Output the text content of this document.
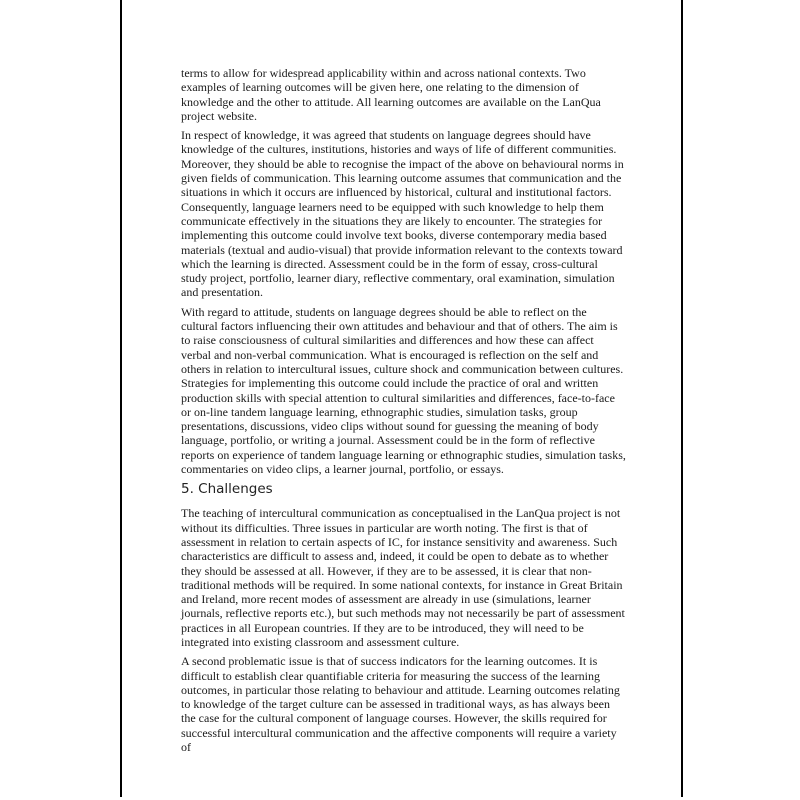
terms to allow for widespread applicability within and across national contexts. Two examples of learning outcomes will be given here, one relating to the dimension of knowledge and the other to attitude. All learning outcomes are available on the LanQua project website.

In respect of knowledge, it was agreed that students on language degrees should have knowledge of the cultures, institutions, histories and ways of life of different communities. Moreover, they should be able to recognise the impact of the above on behavioural norms in given fields of communication. This learning outcome assumes that communication and the situations in which it occurs are influenced by historical, cultural and institutional factors. Consequently, language learners need to be equipped with such knowledge to help them communicate effectively in the situations they are likely to encounter. The strategies for implementing this outcome could involve text books, diverse contemporary media based materials (textual and audio-visual) that provide information relevant to the contexts toward which the learning is directed. Assessment could be in the form of essay, cross-cultural study project, portfolio, learner diary, reflective commentary, oral examination, simulation and presentation.

With regard to attitude, students on language degrees should be able to reflect on the cultural factors influencing their own attitudes and behaviour and that of others. The aim is to raise consciousness of cultural similarities and differences and how these can affect verbal and non-verbal communication. What is encouraged is reflection on the self and others in relation to intercultural issues, culture shock and communication between cultures. Strategies for implementing this outcome could include the practice of oral and written production skills with special attention to cultural similarities and differences, face-to-face or on-line tandem language learning, ethnographic studies, simulation tasks, group presentations, discussions, video clips without sound for guessing the meaning of body language, portfolio, or writing a journal. Assessment could be in the form of reflective reports on experience of tandem language learning or ethnographic studies, simulation tasks, commentaries on video clips, a learner journal, portfolio, or essays.

5. Challenges

The teaching of intercultural communication as conceptualised in the LanQua project is not without its difficulties. Three issues in particular are worth noting. The first is that of assessment in relation to certain aspects of IC, for instance sensitivity and awareness. Such characteristics are difficult to assess and, indeed, it could be open to debate as to whether they should be assessed at all. However, if they are to be assessed, it is clear that non-traditional methods will be required. In some national contexts, for instance in Great Britain and Ireland, more recent modes of assessment are already in use (simulations, learner journals, reflective reports etc.), but such methods may not necessarily be part of assessment practices in all European countries. If they are to be introduced, they will need to be integrated into existing classroom and assessment culture.

A second problematic issue is that of success indicators for the learning outcomes. It is difficult to establish clear quantifiable criteria for measuring the success of the learning outcomes, in particular those relating to behaviour and attitude. Learning outcomes relating to knowledge of the target culture can be assessed in traditional ways, as has always been the case for the cultural component of language courses. However, the skills required for successful intercultural communication and the affective components will require a variety of
